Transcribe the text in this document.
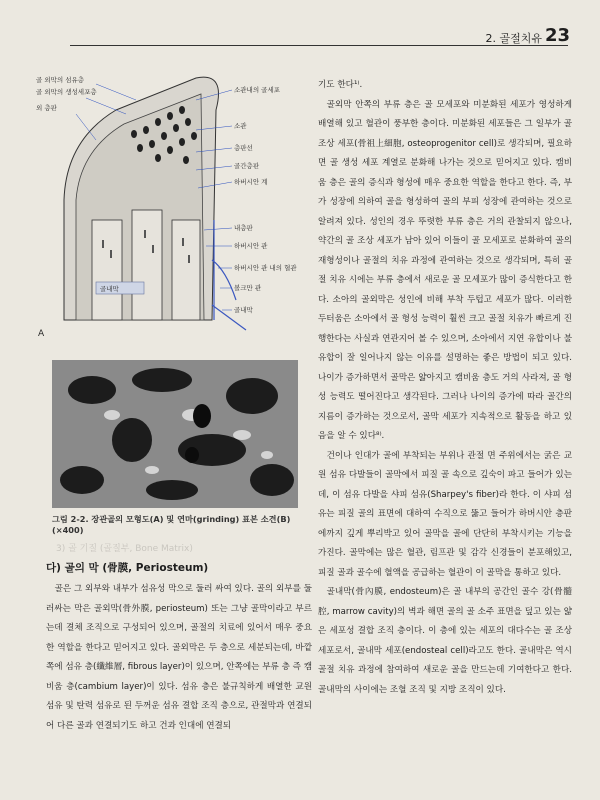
2. 골절치유 23
골 외막의 섬유층
골 외막의 생성세포층
외 층판
소관내의 골세포
소관
층판선
골간층판
하버시안 계
내층판
하버시안 관
하버시안 관 내의 혈관
볼크만 관
골내막
골내막
A
그림 2-2. 장관골의 모형도(A) 및 연마(grinding) 표본 소견(B)(×400)
3) 골 기질 (골질부, Bone Matrix)
다) 골의 막 (骨膜, Periosteum)

골은 그 외부와 내부가 섬유성 막으로 둘러 싸여 있다. 골의 외부를 둘러싸는 막은 골외막(骨外膜, periosteum) 또는 그냥 골막이라고 부르는데 결체 조직으로 구성되어 있으며, 골절의 치료에 있어서 매우 중요한 역할을 한다고 믿어지고 있다. 골외막은 두 층으로 세분되는데, 바깥쪽에 섬유 층(纖維層, fibrous layer)이 있으며, 안쪽에는 부류 층 즉 캠비움 층(cambium layer)이 있다. 섬유 층은 불규칙하게 배열한 교원 섬유 및 탄력 섬유로 된 두꺼운 섬유 결합 조직 층으로, 관절막과 연결되어 다른 골과 연결되기도 하고 건과 인대에 연결되

기도 한다¹⁾.

골외막 안쪽의 부류 층은 골 모세포와 미분화된 세포가 영성하게 배열해 있고 혈관이 풍부한 층이다. 미분화된 세포들은 그 일부가 골조상 세포(骨祖上細胞, osteoprogenitor cell)로 생각되며, 필요하면 골 생성 세포 계열로 분화해 나가는 것으로 믿어지고 있다. 캠비움 층은 골의 증식과 형성에 매우 중요한 역할을 한다고 한다. 즉, 부가 성장에 의하여 골을 형성하여 골의 부피 성장에 관여하는 것으로 알려져 있다. 성인의 경우 뚜렷한 부류 층은 거의 관찰되지 않으나, 약간의 골 조상 세포가 남아 있어 이들이 골 모세포로 분화하여 골의 재형성이나 골절의 치유 과정에 관여하는 것으로 생각되며, 특히 골절 치유 시에는 부류 층에서 새로운 골 모세포가 많이 증식한다고 한다. 소아의 골외막은 성인에 비해 부착 두텁고 세포가 많다. 이러한 두터움은 소아에서 골 형성 능력이 훨씬 크고 골절 치유가 빠르게 진행한다는 사실과 연관지어 볼 수 있으며, 소아에서 지연 유합이나 불유합이 잘 일어나지 않는 이유를 설명하는 좋은 방법이 되고 있다. 나이가 증가하면서 골막은 얇아지고 캠비움 층도 거의 사라져, 골 형성 능력도 떨어진다고 생각된다. 그러나 나이의 증가에 따라 골간의 지름이 증가하는 것으로서, 골막 세포가 지속적으로 활동을 하고 있음을 알 수 있다⁸⁾.

건이나 인대가 골에 부착되는 부위나 관절 면 주위에서는 굵은 교원 섬유 다발들이 골막에서 피질 골 속으로 깊숙이 파고 들어가 있는데, 이 섬유 다발을 샤피 섬유(Sharpey's fiber)라 한다. 이 샤피 섬유는 피질 골의 표면에 대하여 수직으로 뚫고 들어가 하버시안 층판에까지 깊게 뿌리박고 있어 골막을 골에 단단히 부착시키는 기능을 가진다. 골막에는 많은 혈관, 림프관 및 감각 신경들이 분포해있고, 피질 골과 골수에 혈액을 공급하는 혈관이 이 골막을 통하고 있다.

골내막(骨內膜, endosteum)은 골 내부의 공간인 골수 강(骨髓腔, marrow cavity)의 벽과 해면 골의 골 소주 표면을 덮고 있는 얇은 세포성 결합 조직 층이다. 이 층에 있는 세포의 대다수는 골 조상 세포로서, 골내막 세포(endosteal cell)라고도 한다. 골내막은 역시 골절 치유 과정에 참여하여 새로운 골을 만드는데 기여한다고 한다. 골내막의 사이에는 조혈 조직 및 지방 조직이 있다.
